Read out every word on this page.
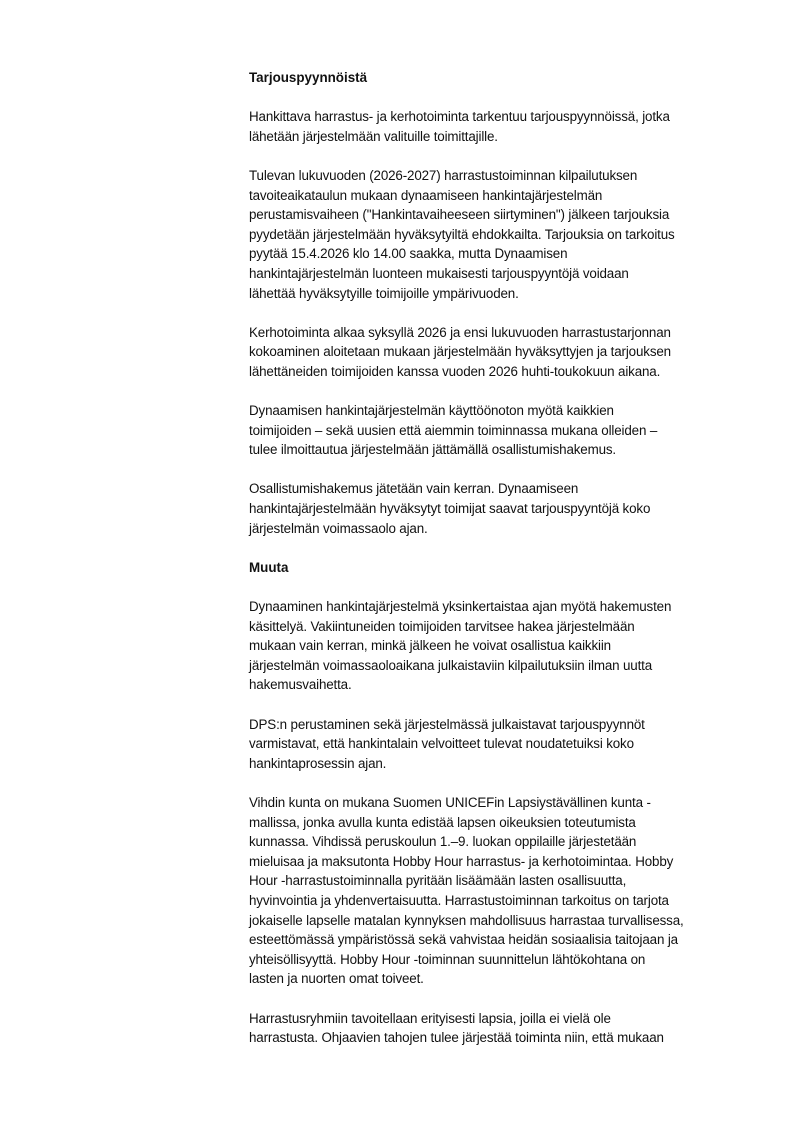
Tarjouspyynnöistä
Hankittava harrastus- ja kerhotoiminta tarkentuu tarjouspyynnöissä, jotka
lähetään järjestelmään valituille toimittajille.
Tulevan lukuvuoden (2026-2027) harrastustoiminnan kilpailutuksen
tavoiteaikataulun mukaan dynaamiseen hankintajärjestelmän
perustamisvaiheen ("Hankintavaiheeseen siirtyminen") jälkeen tarjouksia
pyydetään järjestelmään hyväksytyiltä ehdokkailta. Tarjouksia on tarkoitus
pyytää 15.4.2026 klo 14.00 saakka, mutta Dynaamisen
hankintajärjestelmän luonteen mukaisesti tarjouspyyntöjä voidaan
lähettää hyväksytyille toimijoille ympärivuoden.
Kerhotoiminta alkaa syksyllä 2026 ja ensi lukuvuoden harrastustarjonnan
kokoaminen aloitetaan mukaan järjestelmään hyväksyttyjen ja tarjouksen
lähettäneiden toimijoiden kanssa vuoden 2026 huhti-toukokuun aikana.
Dynaamisen hankintajärjestelmän käyttöönoton myötä kaikkien
toimijoiden – sekä uusien että aiemmin toiminnassa mukana olleiden –
tulee ilmoittautua järjestelmään jättämällä osallistumishakemus.
Osallistumishakemus jätetään vain kerran. Dynaamiseen
hankintajärjestelmään hyväksytyt toimijat saavat tarjouspyyntöjä koko
järjestelmän voimassaolo ajan.
Muuta
Dynaaminen hankintajärjestelmä yksinkertaistaa ajan myötä hakemusten
käsittelyä. Vakiintuneiden toimijoiden tarvitsee hakea järjestelmään
mukaan vain kerran, minkä jälkeen he voivat osallistua kaikkiin
järjestelmän voimassaoloaikana julkaistaviin kilpailutuksiin ilman uutta
hakemusvaihetta.
DPS:n perustaminen sekä järjestelmässä julkaistavat tarjouspyynnöt
varmistavat, että hankintalain velvoitteet tulevat noudatetuiksi koko
hankintaprosessin ajan.
Vihdin kunta on mukana Suomen UNICEFin Lapsiystävällinen kunta -
mallissa, jonka avulla kunta edistää lapsen oikeuksien toteutumista
kunnassa. Vihdissä peruskoulun 1.–9. luokan oppilaille järjestetään
mieluisaa ja maksutonta Hobby Hour harrastus- ja kerhotoimintaa. Hobby
Hour -harrastustoiminnalla pyritään lisäämään lasten osallisuutta,
hyvinvointia ja yhdenvertaisuutta. Harrastustoiminnan tarkoitus on tarjota
jokaiselle lapselle matalan kynnyksen mahdollisuus harrastaa turvallisessa,
esteettömässä ympäristössä sekä vahvistaa heidän sosiaalisia taitojaan ja
yhteisöllisyyttä. Hobby Hour -toiminnan suunnittelun lähtökohtana on
lasten ja nuorten omat toiveet.
Harrastusryhmiin tavoitellaan erityisesti lapsia, joilla ei vielä ole
harrastusta. Ohjaavien tahojen tulee järjestää toiminta niin, että mukaan
